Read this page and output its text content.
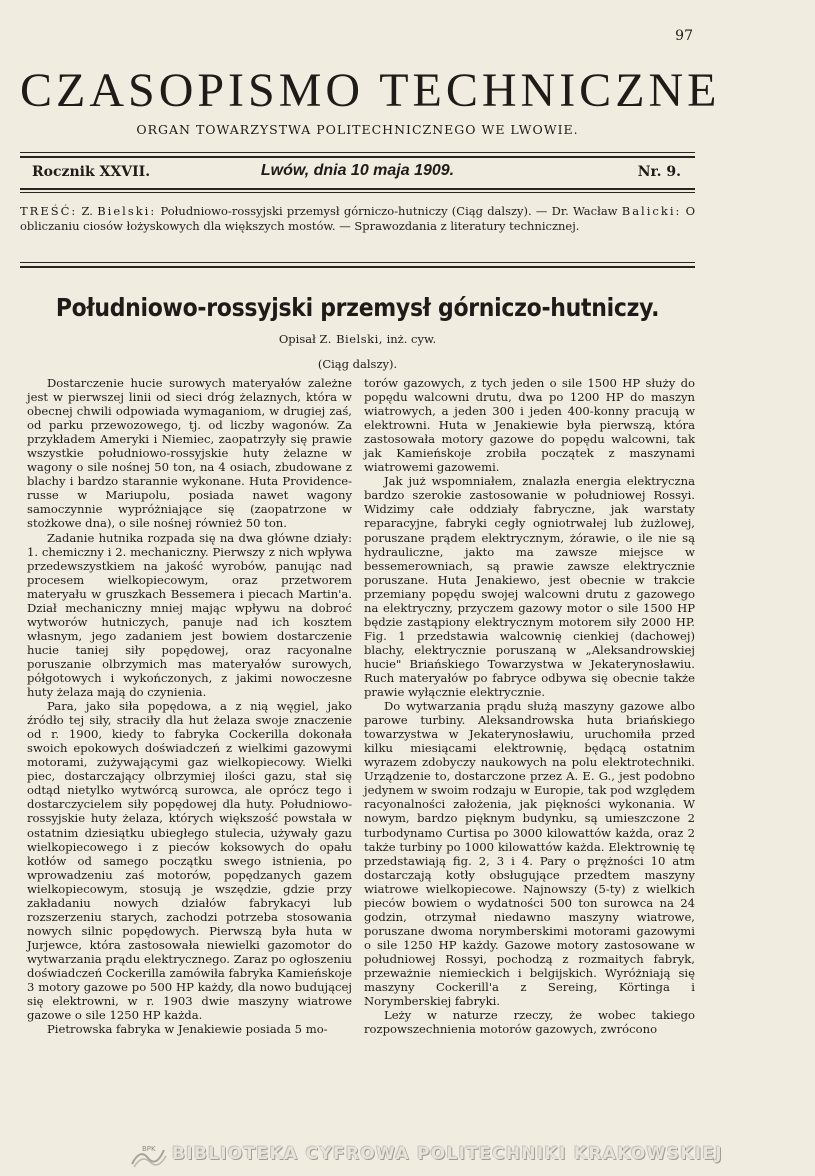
97
CZASOPISMO TECHNICZNE
ORGAN TOWARZYSTWA POLITECHNICZNEGO WE LWOWIE.
Rocznik XXVII.	Lwów, dnia 10 maja 1909.	Nr. 9.
TREŚĆ: Z. Bielski: Południowo-rossyjski przemysł górniczo-hutniczy (Ciąg dalszy). — Dr. Wacław Balicki: O obliczaniu ciosów łożyskowych dla większych mostów. — Sprawozdania z literatury technicznej.
Południowo-rossyjski przemysł górniczo-hutniczy.
Opisał Z. Bielski, inż. cyw.
(Ciąg dalszy).

Dostarczenie hucie surowych materyałów zależne jest w pierwszej linii od sieci dróg żelaznych, która w obecnej chwili odpowiada wymaganiom, w drugiej zaś, od parku przewozowego, tj. od liczby wagonów. Za przykładem Ameryki i Niemiec, zaopatrzyły się prawie wszystkie południowo-rossyjskie huty żelazne w wagony o sile nośnej 50 ton, na 4 osiach, zbudowane z blachy i bardzo starannie wykonane. Huta Providence-russe w Mariupolu, posiada nawet wagony samoczynnie wypróżniające się (zaopatrzone w stożkowe dna), o sile nośnej również 50 ton.

Zadanie hutnika rozpada się na dwa główne działy: 1. chemiczny i 2. mechaniczny. Pierwszy z nich wpływa przedewszystkiem na jakość wyrobów, panując nad procesem wielkopiecowym, oraz przetworem materyału w gruszkach Bessemera i piecach Martin'a. Dział mechaniczny mniej mając wpływu na dobroć wytworów hutniczych, panuje nad ich kosztem własnym, jego zadaniem jest bowiem dostarczenie hucie taniej siły popędowej, oraz racyonalne poruszanie olbrzymich mas materyałów surowych, półgotowych i wykończonych, z jakimi nowoczesne huty żelaza mają do czynienia.

Para, jako siła popędowa, a z nią węgiel, jako źródło tej siły, straciły dla hut żelaza swoje znaczenie od r. 1900, kiedy to fabryka Cockerilla dokonała swoich epokowych doświadczeń z wielkimi gazowymi motorami, zużywającymi gaz wielkopiecowy. Wielki piec, dostarczający olbrzymiej ilości gazu, stał się odtąd nietylko wytwórcą surowca, ale oprócz tego i dostarczycielem siły popędowej dla huty. Południowo-rossyjskie huty żelaza, których większość powstała w ostatnim dziesiątku ubiegłego stulecia, używały gazu wielkopiecowego i z pieców koksowych do opału kotłów od samego początku swego istnienia, po wprowadzeniu zaś motorów, popędzanych gazem wielkopiecowym, stosują je wszędzie, gdzie przy zakładaniu nowych działów fabrykacyi lub rozszerzeniu starych, zachodzi potrzeba stosowania nowych silnic popędowych. Pierwszą była huta w Jurjewce, która zastosowała niewielki gazomotor do wytwarzania prądu elektrycznego. Zaraz po ogłoszeniu doświadczeń Cockerilla zamówiła fabryka Kamieńskoje 3 motory gazowe po 500 HP każdy, dla nowo budującej się elektrowni, w r. 1903 dwie maszyny wiatrowe gazowe o sile 1250 HP każda.

Pietrowska fabryka w Jenakiewie posiada 5 mo-

torów gazowych, z tych jeden o sile 1500 HP służy do popędu walcowni drutu, dwa po 1200 HP do maszyn wiatrowych, a jeden 300 i jeden 400-konny pracują w elektrowni. Huta w Jenakiewie była pierwszą, która zastosowała motory gazowe do popędu walcowni, tak jak Kamieńskoje zrobiła początek z maszynami wiatrowemi gazowemi.

Jak już wspomniałem, znalazła energia elektryczna bardzo szerokie zastosowanie w południowej Rossyi. Widzimy całe oddziały fabryczne, jak warstaty reparacyjne, fabryki cegły ogniotrwałej lub żużlowej, poruszane prądem elektrycznym, żórawie, o ile nie są hydrauliczne, jakto ma zawsze miejsce w bessemerowniach, są prawie zawsze elektrycznie poruszane. Huta Jenakiewo, jest obecnie w trakcie przemiany popędu swojej walcowni drutu z gazowego na elektryczny, przyczem gazowy motor o sile 1500 HP będzie zastąpiony elektrycznym motorem siły 2000 HP. Fig. 1 przedstawia walcownię cienkiej (dachowej) blachy, elektrycznie poruszaną w „Aleksandrowskiej hucie" Briańskiego Towarzystwa w Jekaterynosławiu. Ruch materyałów po fabryce odbywa się obecnie także prawie wyłącznie elektrycznie.

Do wytwarzania prądu służą maszyny gazowe albo parowe turbiny. Aleksandrowska huta briańskiego towarzystwa w Jekaterynosławiu, uruchomiła przed kilku miesiącami elektrownię, będącą ostatnim wyrazem zdobyczy naukowych na polu elektrotechniki. Urządzenie to, dostarczone przez A. E. G., jest podobno jedynem w swoim rodzaju w Europie, tak pod względem racyonalności założenia, jak piękności wykonania. W nowym, bardzo pięknym budynku, są umieszczone 2 turbodynamo Curtisa po 3000 kilowattów każda, oraz 2 także turbiny po 1000 kilowattów każda. Elektrownię tę przedstawiają fig. 2, 3 i 4. Pary o prężności 10 atm dostarczają kotły obsługujące przedtem maszyny wiatrowe wielkopiecowe. Najnowszy (5-ty) z wielkich pieców bowiem o wydatności 500 ton surowca na 24 godzin, otrzymał niedawno maszyny wiatrowe, poruszane dwoma norymberskimi motorami gazowymi o sile 1250 HP każdy. Gazowe motory zastosowane w południowej Rossyi, pochodzą z rozmaitych fabryk, przeważnie niemieckich i belgijskich. Wyróżniają się maszyny Cockerill'a z Sereing, Körtinga i Norymberskiej fabryki.

Leży w naturze rzeczy, że wobec takiego rozpowszechnienia motorów gazowych, zwrócono

BPK BIBLIOTEKA CYFROWA POLITECHNIKI KRAKOWSKIEJ
